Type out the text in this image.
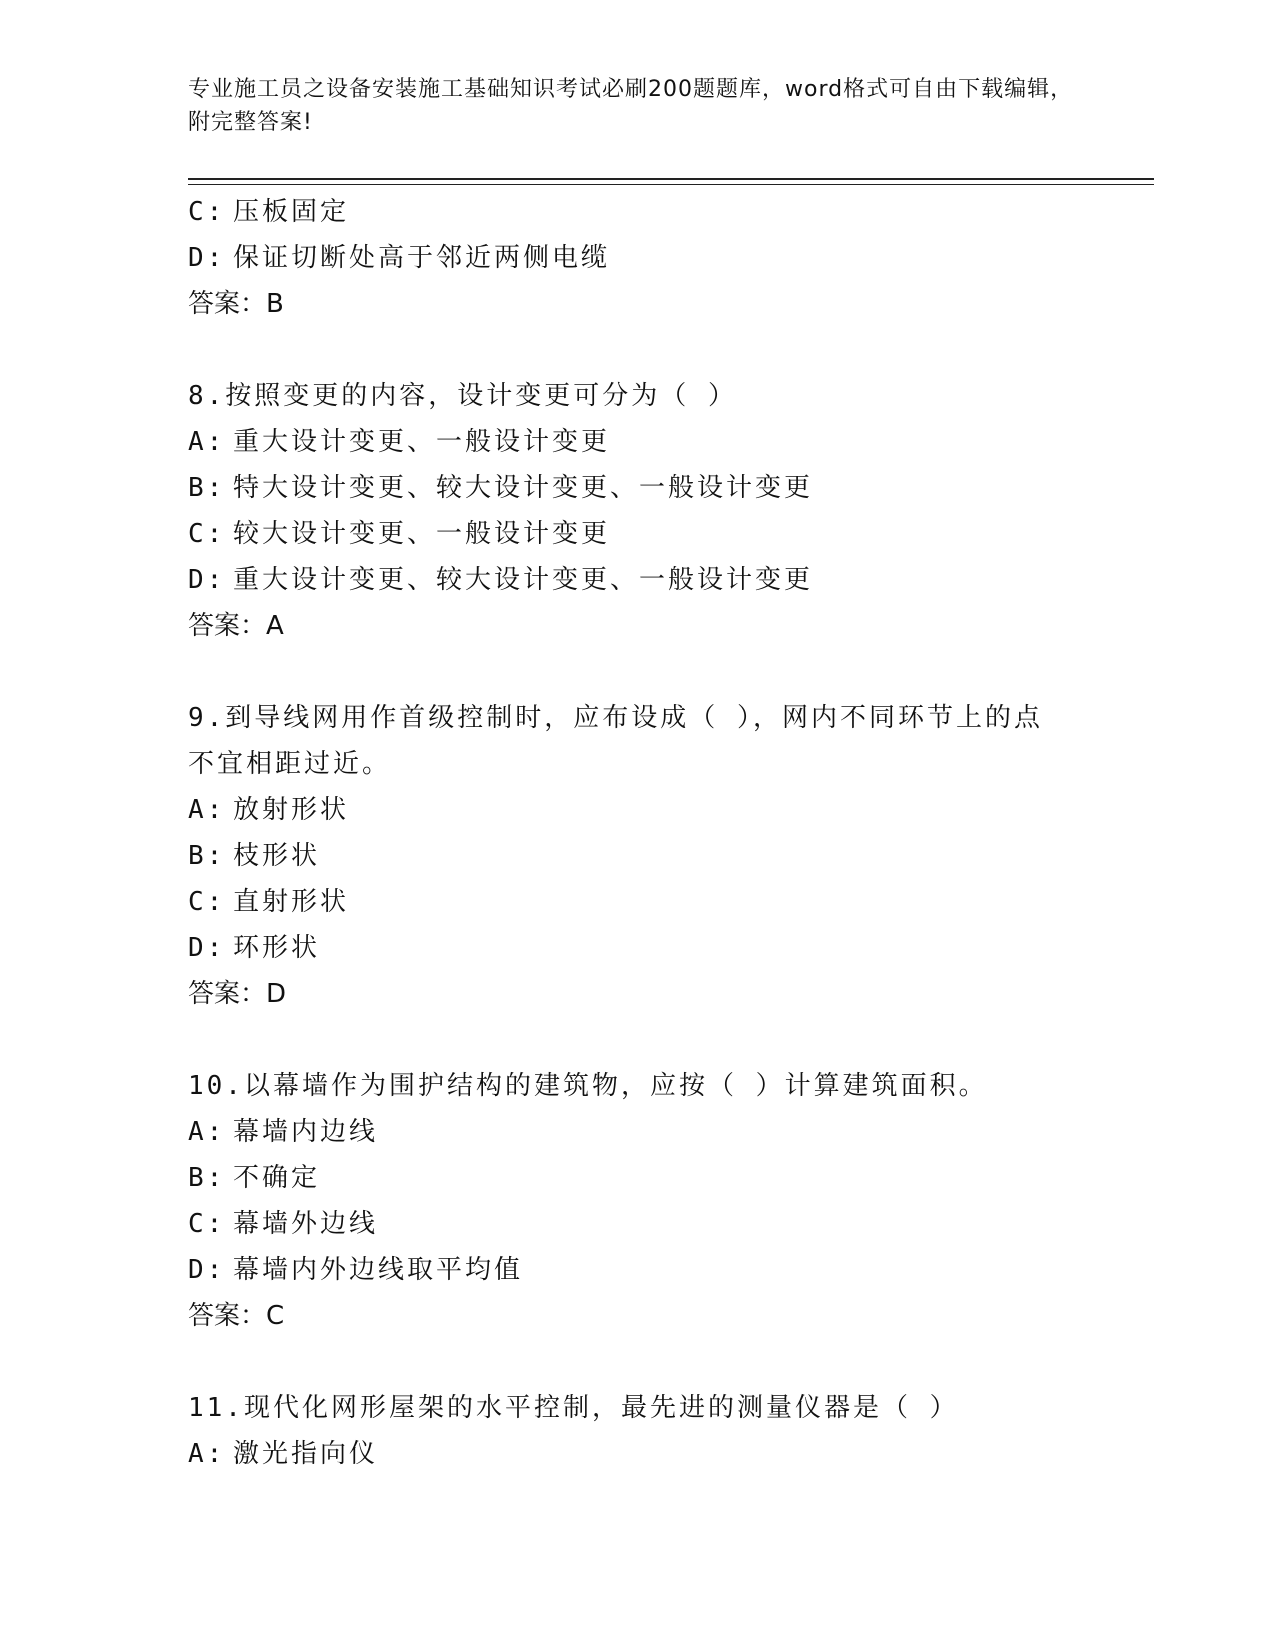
专业施工员之设备安装施工基础知识考试必刷200题题库，word格式可自由下载编辑，附完整答案!
C: 压板固定
D: 保证切断处高于邻近两侧电缆
答案：B
8.按照变更的内容，设计变更可分为（ ）
A: 重大设计变更、一般设计变更
B: 特大设计变更、较大设计变更、一般设计变更
C: 较大设计变更、一般设计变更
D: 重大设计变更、较大设计变更、一般设计变更
答案：A
9.到导线网用作首级控制时，应布设成（ ），网内不同环节上的点不宜相距过近。
A: 放射形状
B: 枝形状
C: 直射形状
D: 环形状
答案：D
10.以幕墙作为围护结构的建筑物，应按（ ）计算建筑面积。
A: 幕墙内边线
B: 不确定
C: 幕墙外边线
D: 幕墙内外边线取平均值
答案：C
11.现代化网形屋架的水平控制，最先进的测量仪器是（ ）
A: 激光指向仪
